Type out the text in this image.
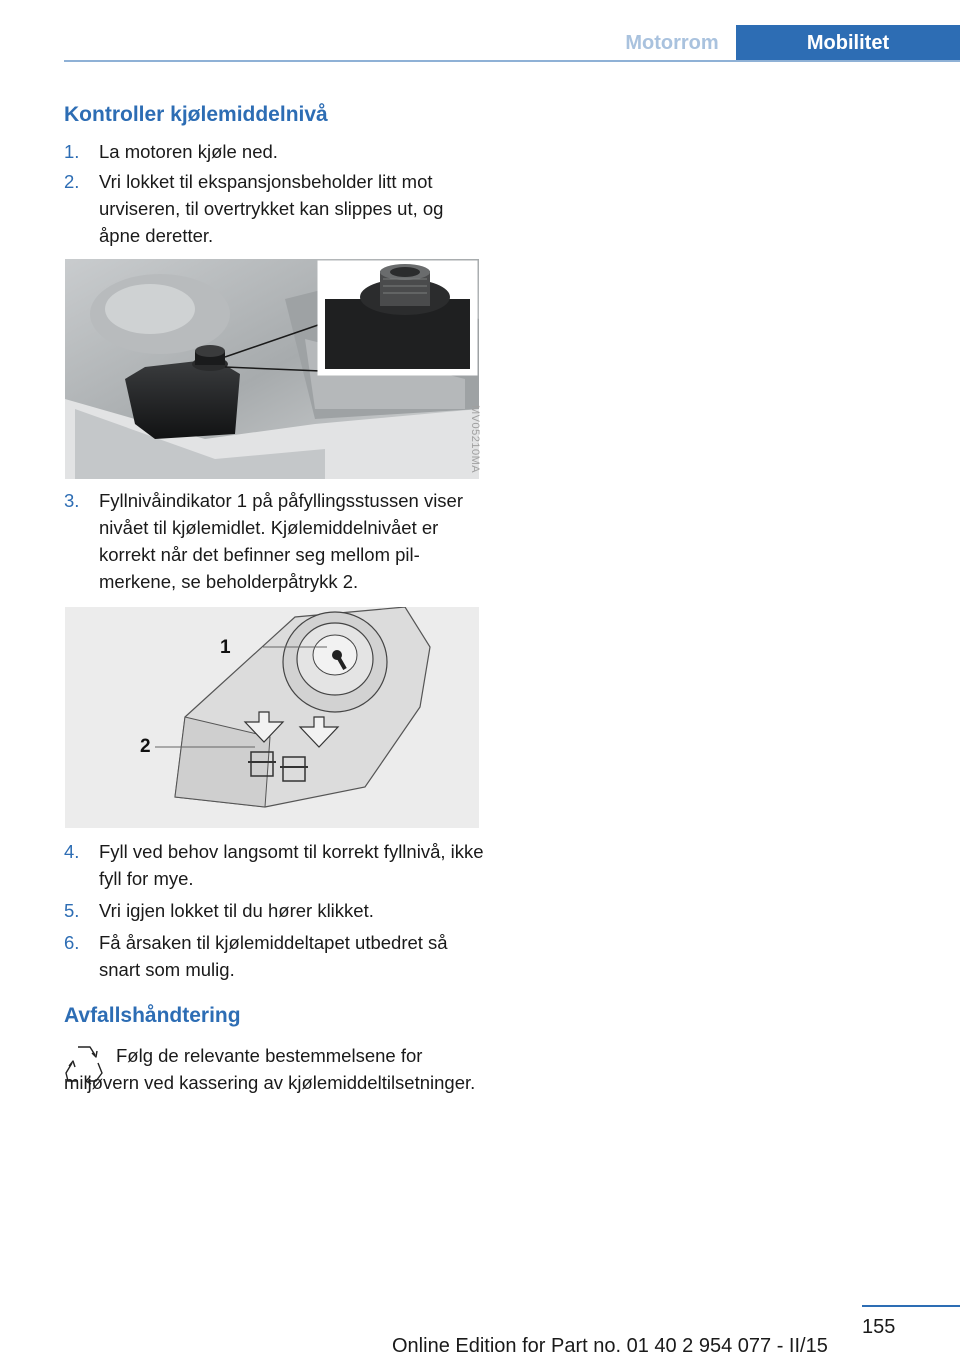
Motorrom	Mobilitet
Kontroller kjølemiddelnivå
1. La motoren kjøle ned.
2. Vri lokket til ekspansjonsbeholder litt mot urviseren, til overtrykket kan slippes ut, og åpne deretter.
MV05210MA
3. Fyllnivåindikator 1 på påfyllingsstussen viser nivået til kjølemidlet. Kjølemiddelnivået er korrekt når det befinner seg mellom pilmerkene, se beholderpåtrykk 2.
1
2
4. Fyll ved behov langsomt til korrekt fyllnivå, ikke fyll for mye.
5. Vri igjen lokket til du hører klikket.
6. Få årsaken til kjølemiddeltapet utbedret så snart som mulig.
Avfallshåndtering
Følg de relevante bestemmelsene for miljøvern ved kassering av kjølemiddeltilsetninger.
155
Online Edition for Part no. 01 40 2 954 077 - II/15
